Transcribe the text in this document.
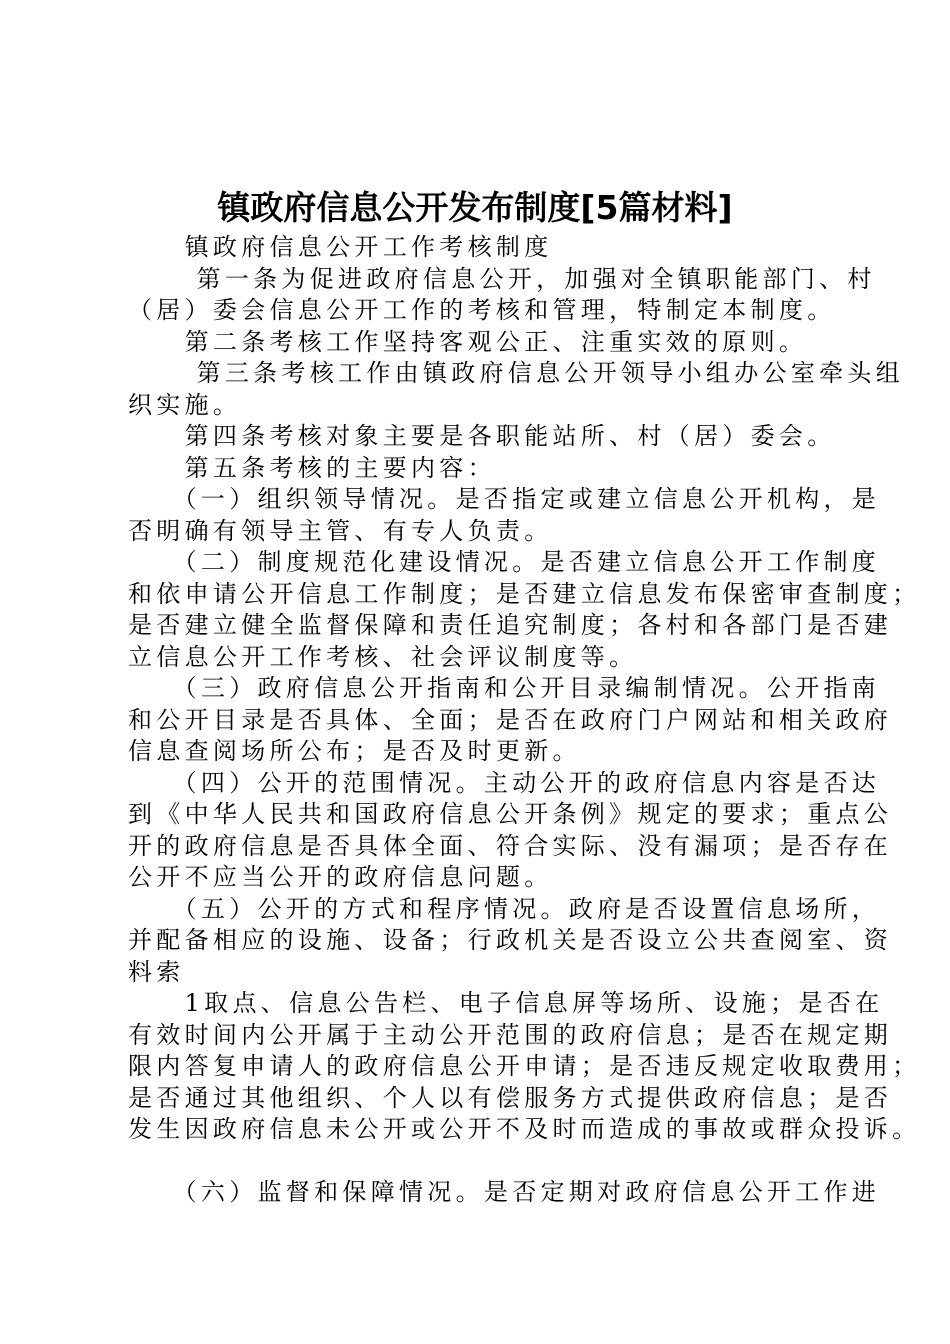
镇政府信息公开发布制度[5篇材料]
　　镇政府信息公开工作考核制度
　　 第一条为促进政府信息公开，加强对全镇职能部门、村
（居）委会信息公开工作的考核和管理，特制定本制度。
　　第二条考核工作坚持客观公正、注重实效的原则。
　　 第三条考核工作由镇政府信息公开领导小组办公室牵头组
织实施。
　　第四条考核对象主要是各职能站所、村（居）委会。
　　第五条考核的主要内容：
　　（一）组织领导情况。是否指定或建立信息公开机构，是
否明确有领导主管、有专人负责。
　　（二）制度规范化建设情况。是否建立信息公开工作制度
和依申请公开信息工作制度；是否建立信息发布保密审查制度；
是否建立健全监督保障和责任追究制度；各村和各部门是否建
立信息公开工作考核、社会评议制度等。
　　（三）政府信息公开指南和公开目录编制情况。公开指南
和公开目录是否具体、全面；是否在政府门户网站和相关政府
信息查阅场所公布；是否及时更新。
　　（四）公开的范围情况。主动公开的政府信息内容是否达
到《中华人民共和国政府信息公开条例》规定的要求；重点公
开的政府信息是否具体全面、符合实际、没有漏项；是否存在
公开不应当公开的政府信息问题。
　　（五）公开的方式和程序情况。政府是否设置信息场所，
并配备相应的设施、设备；行政机关是否设立公共查阅室、资
料索
　　1取点、信息公告栏、电子信息屏等场所、设施；是否在
有效时间内公开属于主动公开范围的政府信息；是否在规定期
限内答复申请人的政府信息公开申请；是否违反规定收取费用；
是否通过其他组织、个人以有偿服务方式提供政府信息；是否
发生因政府信息未公开或公开不及时而造成的事故或群众投诉。
　　（六）监督和保障情况。是否定期对政府信息公开工作进
